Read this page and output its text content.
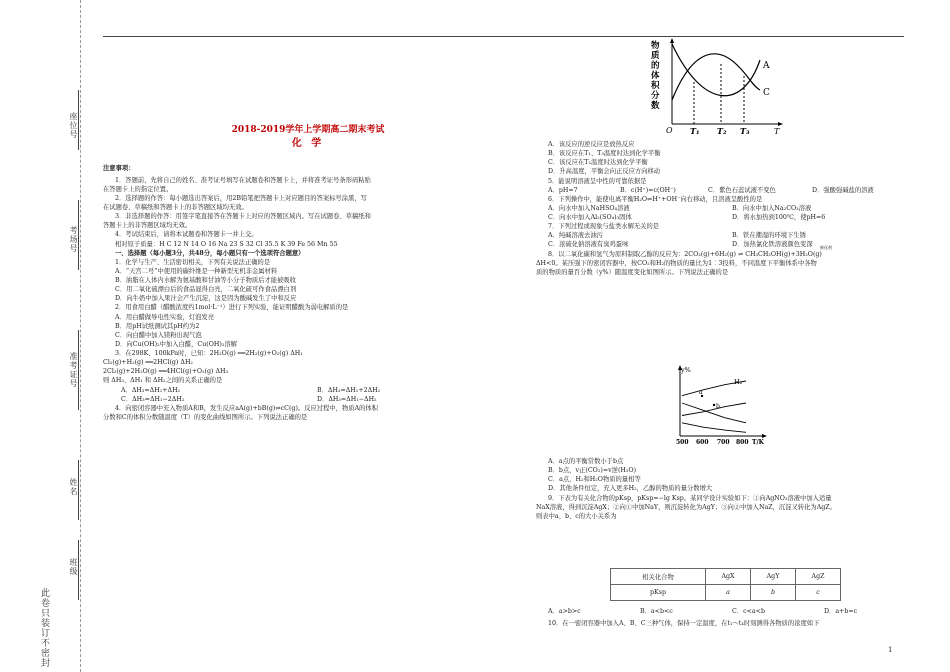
座位号
考场号
准考证号
姓名
班级
此卷只装订不密封

2018-2019学年上学期高二期末考试

化 学

注意事项：

1．答题前，先将自己的姓名、准考证号填写在试题卷和答题卡上，并将准考证号条形码粘贴

在答题卡上的指定位置。

2．选择题的作答：每小题选出答案后，用2B铅笔把答题卡上对应题目的答案标号涂黑，写

在试题卷、草稿纸和答题卡上的非答题区域均无效。

3．非选择题的作答：用签字笔直接答在答题卡上对应的答题区域内。写在试题卷、草稿纸和

答题卡上的非答题区域均无效。

4．考试结束后，请将本试题卷和答题卡一并上交。

相对原子质量：H C 12 N 14 O 16 Na 23 S 32 Cl 35.5 K 39 Fe 56 Mn 55

一、选择题（每小题3分，共48分，每小题只有一个选项符合题意）

1．化学与生产、生活密切相关，下列有关说法正确的是

A．“天宫二号”中使用的碳纤维是一种新型无机非金属材料

B．油脂在人体内水解为氨基酸和甘油等小分子物质后才能被吸收

C．用二氧化硫漂白后的食品显得白亮，二氧化硫可作食品漂白剂

D．向牛奶中加入果汁会产生沉淀，这是因为酸碱发生了中和反应

2．用食用白醋（醋酸浓度约1mol·L⁻¹）进行下列实验，能证明醋酸为弱电解质的是

A．用白醋做导电性实验，灯泡发亮

B．用pH试纸测试其pH约为2

C．向白醋中加入镁粉出现气泡

D．向Cu(OH)₂中加入白醋，Cu(OH)₂溶解

3．在298K、100kPa时，已知：2H₂O(g) ══2H₂(g)+O₂(g) ΔH₁

Cl₂(g)+H₂(g) ══2HCl(g) ΔH₂

2Cl₂(g)+2H₂O(g) ══4HCl(g)+O₂(g) ΔH₃

则 ΔH₃、ΔH₁ 和 ΔH₂之间的关系正确的是

A．ΔH₃=ΔH₁+ΔH₂	B．ΔH₃=ΔH₁+2ΔH₂
C．ΔH₃=ΔH₁−2ΔH₂	D．ΔH₃=ΔH₁−ΔH₂

4．向密闭容器中充入物质A和B，发生反应aA(g)+bB(g)⇌cC(g)。反应过程中，物质A的体积

分数和C的体积分数随温度（T）的变化曲线如图所示。下列说法正确的是

物
质
的
体
积
分
数
O T₁ T₂ T₃	T
A
C

A．该反应的逆反应是放热反应

B．该反应在T₁、T₃温度时达到化学平衡

C．该反应在T₂温度时达到化学平衡

D．升高温度，平衡会向正反应方向移动

5．能说明溶液呈中性的可靠依据是

A．pH=7	B．c(H⁺)=c(OH⁻)	C．紫色石蕊试液不变色	D．强酸强碱盐的溶液

6．下列操作中，能使电离平衡H₂O⇌H⁺+OH⁻向右移动，且溶液呈酸性的是

A．向水中加入NaHSO₄溶液	B．向水中加入Na₂CO₃溶液
C．向水中加入Al₂(SO₄)₃固体	D．将水加热到100℃，使pH=6

7．下列过程或现象与盐类水解无关的是

A．纯碱溶液去油污	B．铁在潮湿的环境下生锈
C．浓硫化钠溶液有臭鸡蛋味	D．加热氯化铁溶液颜色变深

8．以二氧化碳和氢气为原料制取乙醇的反应为：2CO₂(g)+6H₂(g) ⇌ CH₃CH₂OH(g)+3H₂O(g)
催化剂

ΔH<0。某压强下的密闭容器中，按CO₂和H₂的物质的量比为1︰3投料，不同温度下平衡体系中各物

质的物质的量百分数（y%）随温度变化如图所示。下列说法正确的是

y%
H₂
a
b
500 600 700 800 T/K

A．a点的平衡常数小于b点

B．b点，v正(CO₂)=v逆(H₂O)

C．a点，H₂和H₂O物质的量相等

D．其他条件恒定，充入更多H₂，乙醇的物质的量分数增大

9．下表为有关化合物的pKsp，pKsp=−lg Ksp。某同学设计实验如下：①向AgNO₃溶液中加入适量

NaX溶液，得到沉淀AgX；②向①中加NaY，则沉淀转化为AgY；③向②中加入NaZ，沉淀又转化为AgZ。

则表中a、b、c的大小关系为

相关化合物	AgX	AgY	AgZ
pKsp	a	b	c
A．a>b>c	B．a<b<c	C．c<a<b	D．a+b=c

10．在一密闭容器中加入A、B、C三种气体，保持一定温度，在t₁～t₄时刻测得各物质的浓度如下

1
